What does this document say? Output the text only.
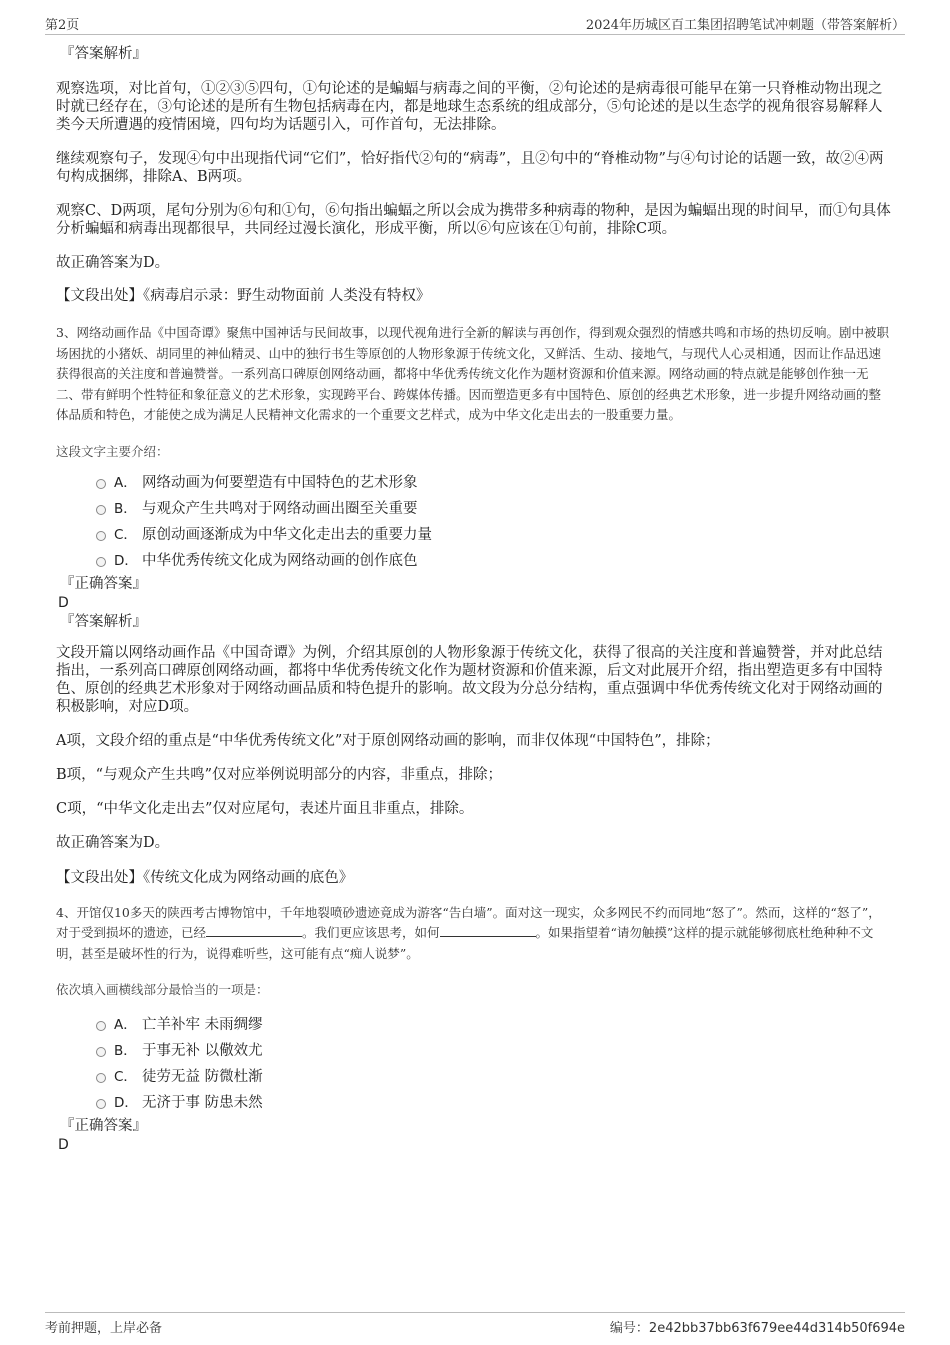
第2页	2024年历城区百工集团招聘笔试冲刺题（带答案解析）
『答案解析』

观察选项，对比首句，①②③⑤四句，①句论述的是蝙蝠与病毒之间的平衡，②句论述的是病毒很可能早在第一只脊椎动物出现之时就已经存在，③句论述的是所有生物包括病毒在内，都是地球生态系统的组成部分，⑤句论述的是以生态学的视角很容易解释人类今天所遭遇的疫情困境，四句均为话题引入，可作首句，无法排除。

继续观察句子，发现④句中出现指代词“它们”，恰好指代②句的“病毒”，且②句中的“脊椎动物”与④句讨论的话题一致，故②④两句构成捆绑，排除A、B两项。

观察C、D两项，尾句分别为⑥句和①句，⑥句指出蝙蝠之所以会成为携带多种病毒的物种，是因为蝙蝠出现的时间早，而①句具体分析蝙蝠和病毒出现都很早，共同经过漫长演化，形成平衡，所以⑥句应该在①句前，排除C项。

故正确答案为D。

【文段出处】《病毒启示录：野生动物面前 人类没有特权》

3、网络动画作品《中国奇谭》聚焦中国神话与民间故事，以现代视角进行全新的解读与再创作，得到观众强烈的情感共鸣和市场的热切反响。剧中被职场困扰的小猪妖、胡同里的神仙精灵、山中的独行书生等原创的人物形象源于传统文化，又鲜活、生动、接地气，与现代人心灵相通，因而让作品迅速获得很高的关注度和普遍赞誉。一系列高口碑原创网络动画，都将中华优秀传统文化作为题材资源和价值来源。网络动画的特点就是能够创作独一无二、带有鲜明个性特征和象征意义的艺术形象，实现跨平台、跨媒体传播。因而塑造更多有中国特色、原创的经典艺术形象，进一步提升网络动画的整体品质和特色，才能使之成为满足人民精神文化需求的一个重要文艺样式，成为中华文化走出去的一股重要力量。

这段文字主要介绍：

A． 网络动画为何要塑造有中国特色的艺术形象
B． 与观众产生共鸣对于网络动画出圈至关重要
C． 原创动画逐渐成为中华文化走出去的重要力量
D． 中华优秀传统文化成为网络动画的创作底色
『正确答案』
D
『答案解析』

文段开篇以网络动画作品《中国奇谭》为例，介绍其原创的人物形象源于传统文化，获得了很高的关注度和普遍赞誉，并对此总结指出，一系列高口碑原创网络动画，都将中华优秀传统文化作为题材资源和价值来源，后文对此展开介绍，指出塑造更多有中国特色、原创的经典艺术形象对于网络动画品质和特色提升的影响。故文段为分总分结构，重点强调中华优秀传统文化对于网络动画的积极影响，对应D项。

A项，文段介绍的重点是“中华优秀传统文化”对于原创网络动画的影响，而非仅体现“中国特色”，排除；

B项，“与观众产生共鸣”仅对应举例说明部分的内容，非重点，排除；

C项，“中华文化走出去”仅对应尾句，表述片面且非重点，排除。

故正确答案为D。

【文段出处】《传统文化成为网络动画的底色》

4、开馆仅10多天的陕西考古博物馆中，千年地裂喷砂遗迹竟成为游客“告白墙”。面对这一现实，众多网民不约而同地“怒了”。然而，这样的“怒了”，对于受到损坏的遗迹，已经	。我们更应该思考，如何	。如果指望着“请勿触摸”这样的提示就能够彻底杜绝种种不文明，甚至是破坏性的行为，说得难听些，这可能有点“痴人说梦”。

依次填入画横线部分最恰当的一项是：

A． 亡羊补牢 未雨绸缪
B． 于事无补 以儆效尤
C． 徒劳无益 防微杜渐
D． 无济于事 防患未然
『正确答案』
D
考前押题，上岸必备	编号：2e42bb37bb63f679ee44d314b50f694e
